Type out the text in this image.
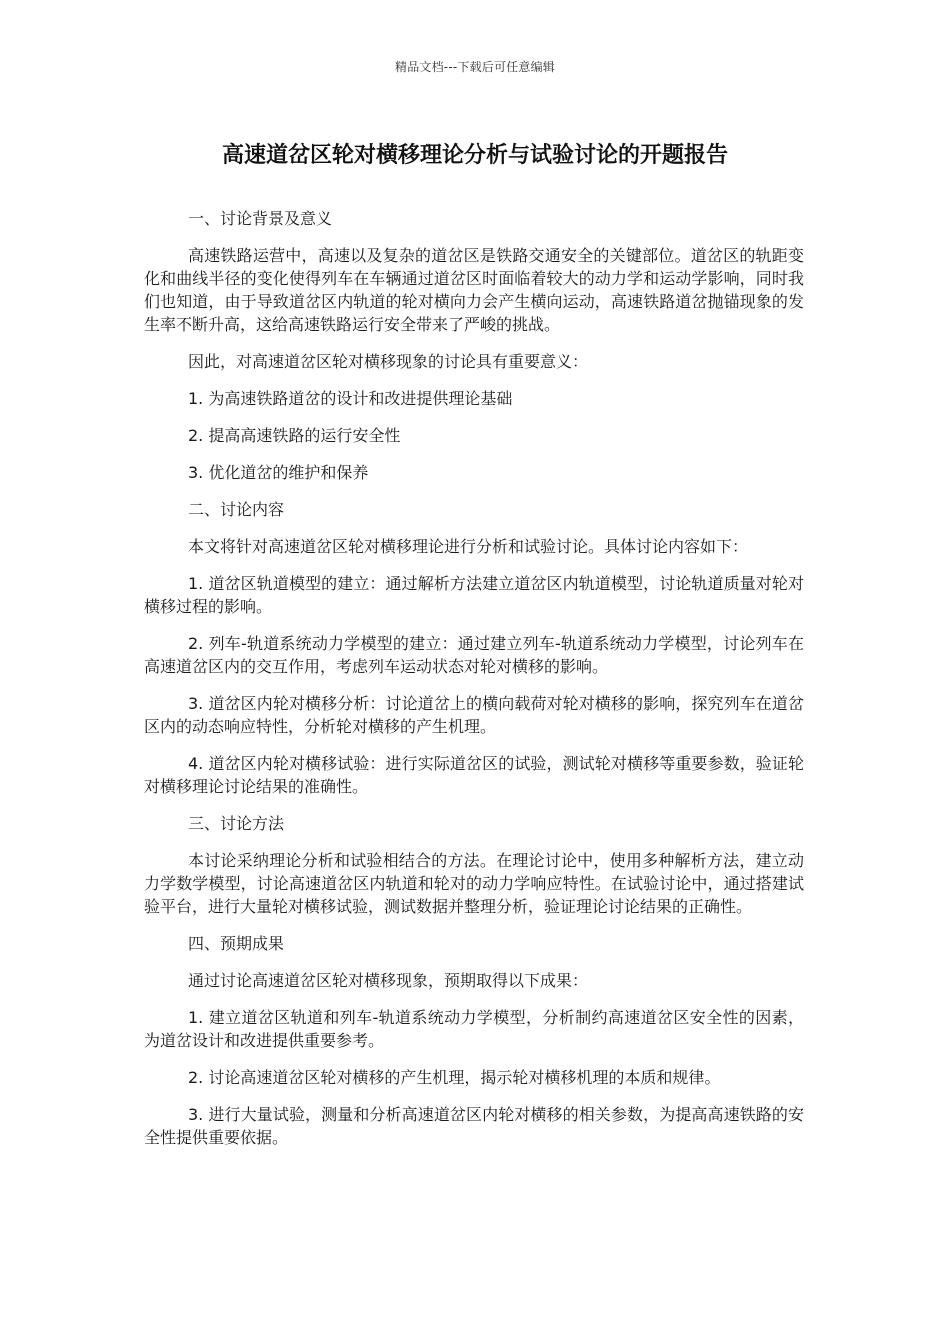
精品文档---下载后可任意编辑
高速道岔区轮对横移理论分析与试验讨论的开题报告

一、讨论背景及意义

高速铁路运营中，高速以及复杂的道岔区是铁路交通安全的关键部位。道岔区的轨距变化和曲线半径的变化使得列车在车辆通过道岔区时面临着较大的动力学和运动学影响，同时我们也知道，由于导致道岔区内轨道的轮对横向力会产生横向运动，高速铁路道岔抛锚现象的发生率不断升高，这给高速铁路运行安全带来了严峻的挑战。

因此，对高速道岔区轮对横移现象的讨论具有重要意义：

1. 为高速铁路道岔的设计和改进提供理论基础

2. 提高高速铁路的运行安全性

3. 优化道岔的维护和保养

二、讨论内容

本文将针对高速道岔区轮对横移理论进行分析和试验讨论。具体讨论内容如下：

1. 道岔区轨道模型的建立：通过解析方法建立道岔区内轨道模型，讨论轨道质量对轮对横移过程的影响。

2. 列车-轨道系统动力学模型的建立：通过建立列车-轨道系统动力学模型，讨论列车在高速道岔区内的交互作用，考虑列车运动状态对轮对横移的影响。

3. 道岔区内轮对横移分析：讨论道岔上的横向载荷对轮对横移的影响，探究列车在道岔区内的动态响应特性，分析轮对横移的产生机理。

4. 道岔区内轮对横移试验：进行实际道岔区的试验，测试轮对横移等重要参数，验证轮对横移理论讨论结果的准确性。

三、讨论方法

本讨论采纳理论分析和试验相结合的方法。在理论讨论中，使用多种解析方法，建立动力学数学模型，讨论高速道岔区内轨道和轮对的动力学响应特性。在试验讨论中，通过搭建试验平台，进行大量轮对横移试验，测试数据并整理分析，验证理论讨论结果的正确性。

四、预期成果

通过讨论高速道岔区轮对横移现象，预期取得以下成果：

1. 建立道岔区轨道和列车-轨道系统动力学模型，分析制约高速道岔区安全性的因素，为道岔设计和改进提供重要参考。

2. 讨论高速道岔区轮对横移的产生机理，揭示轮对横移机理的本质和规律。

3. 进行大量试验，测量和分析高速道岔区内轮对横移的相关参数，为提高高速铁路的安全性提供重要依据。
